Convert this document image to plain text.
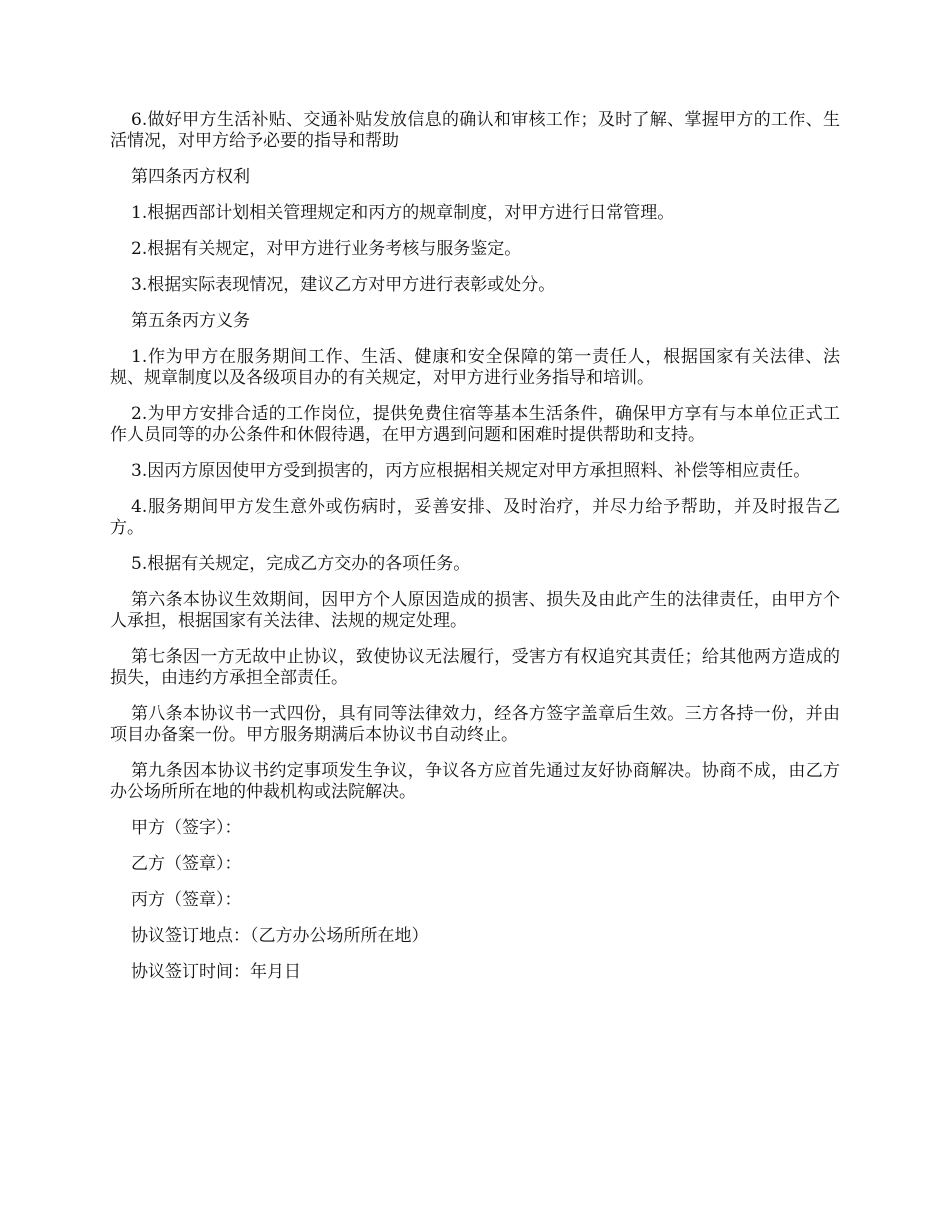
6.做好甲方生活补贴、交通补贴发放信息的确认和审核工作；及时了解、掌握甲方的工作、生活情况，对甲方给予必要的指导和帮助

第四条丙方权利

1.根据西部计划相关管理规定和丙方的规章制度，对甲方进行日常管理。

2.根据有关规定，对甲方进行业务考核与服务鉴定。

3.根据实际表现情况，建议乙方对甲方进行表彰或处分。

第五条丙方义务

1.作为甲方在服务期间工作、生活、健康和安全保障的第一责任人，根据国家有关法律、法规、规章制度以及各级项目办的有关规定，对甲方进行业务指导和培训。

2.为甲方安排合适的工作岗位，提供免费住宿等基本生活条件，确保甲方享有与本单位正式工作人员同等的办公条件和休假待遇，在甲方遇到问题和困难时提供帮助和支持。

3.因丙方原因使甲方受到损害的，丙方应根据相关规定对甲方承担照料、补偿等相应责任。

4.服务期间甲方发生意外或伤病时，妥善安排、及时治疗，并尽力给予帮助，并及时报告乙方。

5.根据有关规定，完成乙方交办的各项任务。

第六条本协议生效期间，因甲方个人原因造成的损害、损失及由此产生的法律责任，由甲方个人承担，根据国家有关法律、法规的规定处理。

第七条因一方无故中止协议，致使协议无法履行，受害方有权追究其责任；给其他两方造成的损失，由违约方承担全部责任。

第八条本协议书一式四份，具有同等法律效力，经各方签字盖章后生效。三方各持一份，并由项目办备案一份。甲方服务期满后本协议书自动终止。

第九条因本协议书约定事项发生争议，争议各方应首先通过友好协商解决。协商不成，由乙方办公场所所在地的仲裁机构或法院解决。

甲方（签字）：

乙方（签章）：

丙方（签章）：

协议签订地点：（乙方办公场所所在地）

协议签订时间：年月日
